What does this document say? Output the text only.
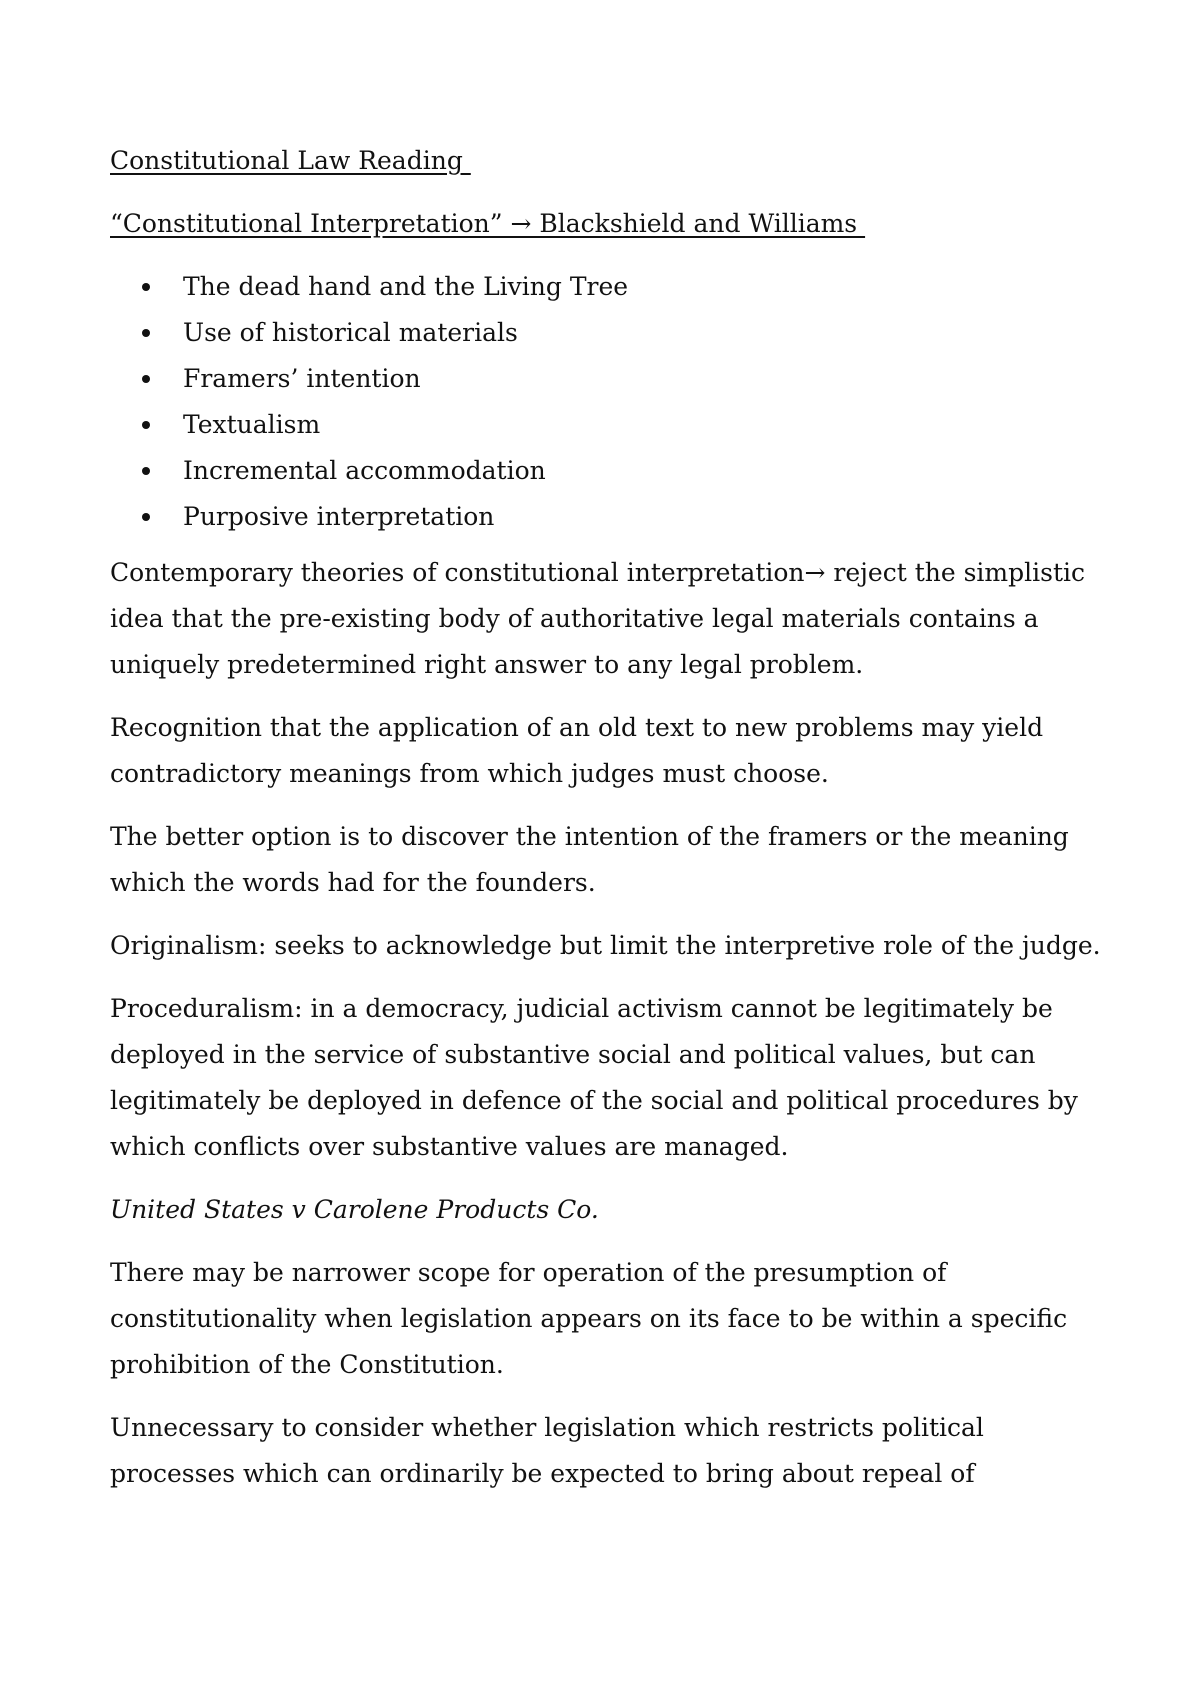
Constitutional Law Reading

“Constitutional Interpretation” → Blackshield and Williams

The dead hand and the Living Tree
Use of historical materials
Framers’ intention
Textualism
Incremental accommodation
Purposive interpretation

Contemporary theories of constitutional interpretation→ reject the simplistic idea that the pre-existing body of authoritative legal materials contains a uniquely predetermined right answer to any legal problem.

Recognition that the application of an old text to new problems may yield contradictory meanings from which judges must choose.

The better option is to discover the intention of the framers or the meaning which the words had for the founders.

Originalism: seeks to acknowledge but limit the interpretive role of the judge.

Proceduralism: in a democracy, judicial activism cannot be legitimately be deployed in the service of substantive social and political values, but can legitimately be deployed in defence of the social and political procedures by which conflicts over substantive values are managed.

United States v Carolene Products Co.

There may be narrower scope for operation of the presumption of constitutionality when legislation appears on its face to be within a specific prohibition of the Constitution.

Unnecessary to consider whether legislation which restricts political processes which can ordinarily be expected to bring about repeal of
